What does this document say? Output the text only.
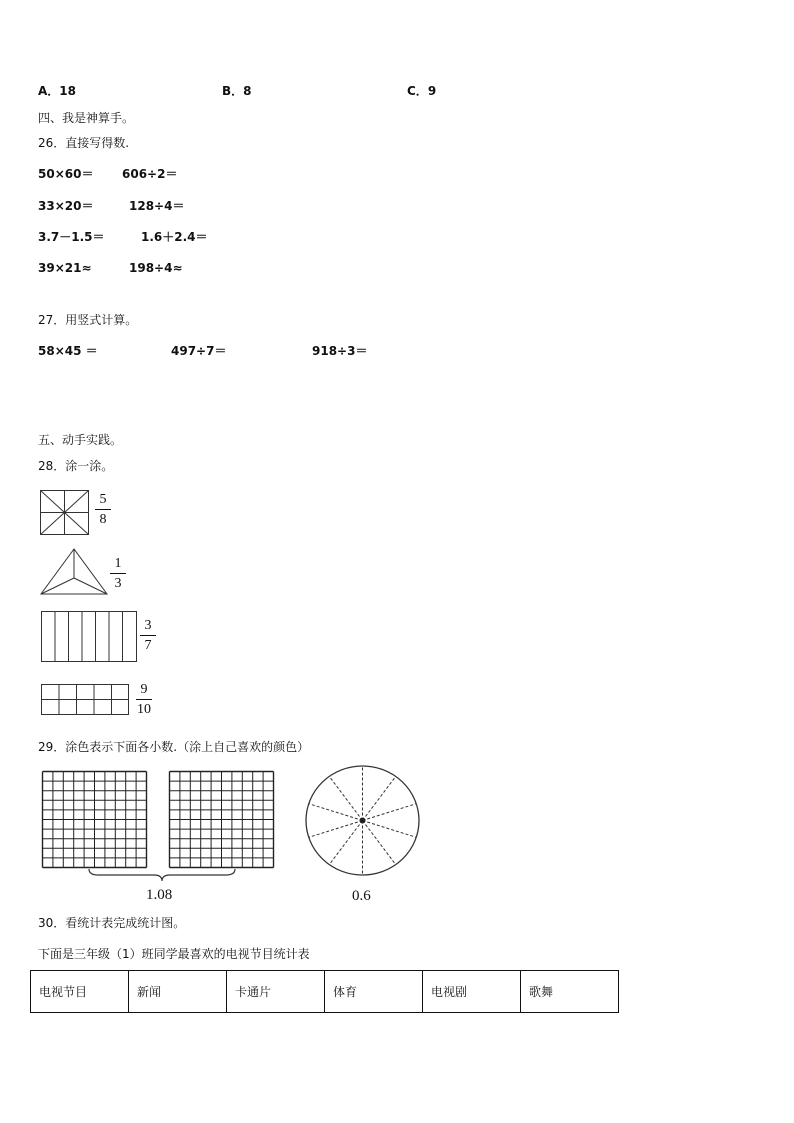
A．18	B．8	C．9
四、我是神算手。
26．直接写得数.
50×60＝ 606÷2＝
33×20＝	128÷4＝
3.7－1.5＝	1.6＋2.4＝
39×21≈	198÷4≈
27．用竖式计算。
58×45 ＝	497÷7＝	918÷3＝
五、动手实践。
28．涂一涂。
5
8
1
3
3
7
9
10
29．涂色表示下面各小数.（涂上自己喜欢的颜色）
1.08	0.6
30．看统计表完成统计图。
下面是三年级（1）班同学最喜欢的电视节目统计表
电视节目	新闻	卡通片	体育	电视剧	歌舞
